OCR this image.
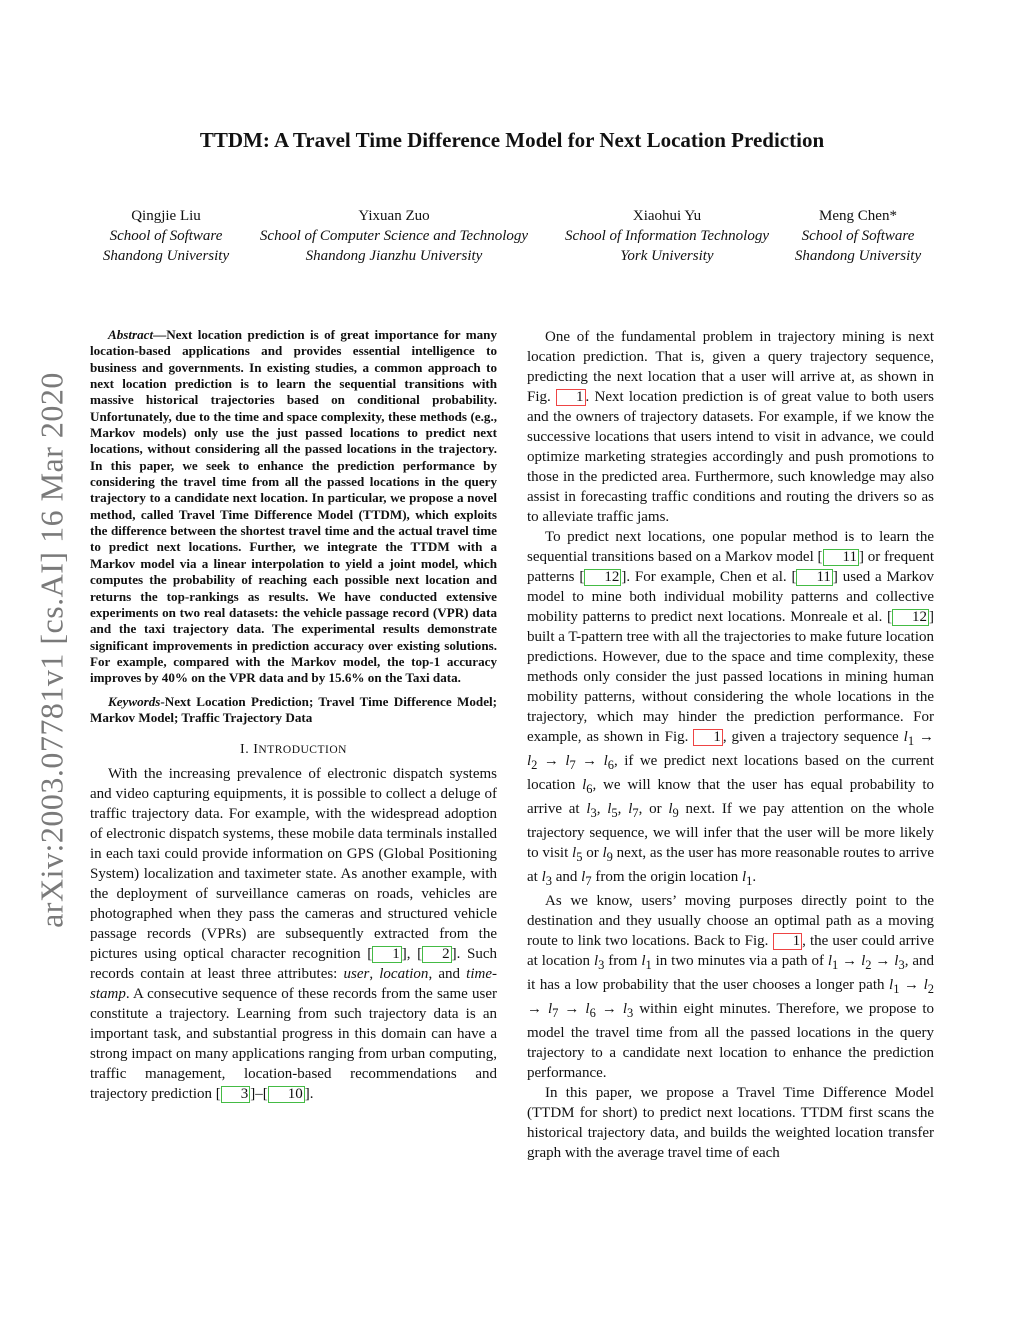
arXiv:2003.07781v1 [cs.AI] 16 Mar 2020
TTDM: A Travel Time Difference Model for Next Location Prediction
Qingjie Liu
School of Software
Shandong University
Yixuan Zuo
School of Computer Science and Technology
Shandong Jianzhu University
Xiaohui Yu
School of Information Technology
York University
Meng Chen*
School of Software
Shandong University

Abstract—Next location prediction is of great importance for many location-based applications and provides essential intelligence to business and governments. In existing studies, a common approach to next location prediction is to learn the sequential transitions with massive historical trajectories based on conditional probability. Unfortunately, due to the time and space complexity, these methods (e.g., Markov models) only use the just passed locations to predict next locations, without considering all the passed locations in the trajectory. In this paper, we seek to enhance the prediction performance by considering the travel time from all the passed locations in the query trajectory to a candidate next location. In particular, we propose a novel method, called Travel Time Difference Model (TTDM), which exploits the difference between the shortest travel time and the actual travel time to predict next locations. Further, we integrate the TTDM with a Markov model via a linear interpolation to yield a joint model, which computes the probability of reaching each possible next location and returns the top-rankings as results. We have conducted extensive experiments on two real datasets: the vehicle passage record (VPR) data and the taxi trajectory data. The experimental results demonstrate significant improvements in prediction accuracy over existing solutions. For example, compared with the Markov model, the top-1 accuracy improves by 40% on the VPR data and by 15.6% on the Taxi data.

Keywords-Next Location Prediction; Travel Time Difference Model; Markov Model; Traffic Trajectory Data

I. INTRODUCTION

With the increasing prevalence of electronic dispatch systems and video capturing equipments, it is possible to collect a deluge of traffic trajectory data. For example, with the widespread adoption of electronic dispatch systems, these mobile data terminals installed in each taxi could provide information on GPS (Global Positioning System) localization and taximeter state. As another example, with the deployment of surveillance cameras on roads, vehicles are photographed when they pass the cameras and structured vehicle passage records (VPRs) are subsequently extracted from the pictures using optical character recognition [ 1 ], [ 2 ]. Such records contain at least three attributes: user, location, and time-stamp. A consecutive sequence of these records from the same user constitute a trajectory. Learning from such trajectory data is an important task, and substantial progress in this domain can have a strong impact on many applications ranging from urban computing, traffic management, location-based recommendations and trajectory prediction [ 3 ]–[ 10 ].

One of the fundamental problem in trajectory mining is next location prediction. That is, given a query trajectory sequence, predicting the next location that a user will arrive at, as shown in Fig. 1 . Next location prediction is of great value to both users and the owners of trajectory datasets. For example, if we know the successive locations that users intend to visit in advance, we could optimize marketing strategies accordingly and push promotions to those in the predicted area. Furthermore, such knowledge may also assist in forecasting traffic conditions and routing the drivers so as to alleviate traffic jams.

To predict next locations, one popular method is to learn the sequential transitions based on a Markov model [ 11 ] or frequent patterns [ 12 ]. For example, Chen et al. [ 11 ] used a Markov model to mine both individual mobility patterns and collective mobility patterns to predict next locations. Monreale et al. [ 12 ] built a T-pattern tree with all the trajectories to make future location predictions. However, due to the space and time complexity, these methods only consider the just passed locations in mining human mobility patterns, without considering the whole locations in the trajectory, which may hinder the prediction performance. For example, as shown in Fig. 1 , given a trajectory sequence $l_1 \to l_2 \to l_7 \to l_6$, if we predict next locations based on the current location $l_6$, we will know that the user has equal probability to arrive at $l_3$, $l_5$, $l_7$, or $l_9$ next. If we pay attention on the whole trajectory sequence, we will infer that the user will be more likely to visit $l_5$ or $l_9$ next, as the user has more reasonable routes to arrive at $l_3$ and $l_7$ from the origin location $l_1$.

As we know, users’ moving purposes directly point to the destination and they usually choose an optimal path as a moving route to link two locations. Back to Fig. 1 , the user could arrive at location $l_3$ from $l_1$ in two minutes via a path of $l_1 \to l_2 \to l_3$, and it has a low probability that the user chooses a longer path $l_1 \to l_2 \to l_7 \to l_6 \to l_3$ within eight minutes. Therefore, we propose to model the travel time from all the passed locations in the query trajectory to a candidate next location to enhance the prediction performance.

In this paper, we propose a Travel Time Difference Model (TTDM for short) to predict next locations. TTDM first scans the historical trajectory data, and builds the weighted location transfer graph with the average travel time of each
